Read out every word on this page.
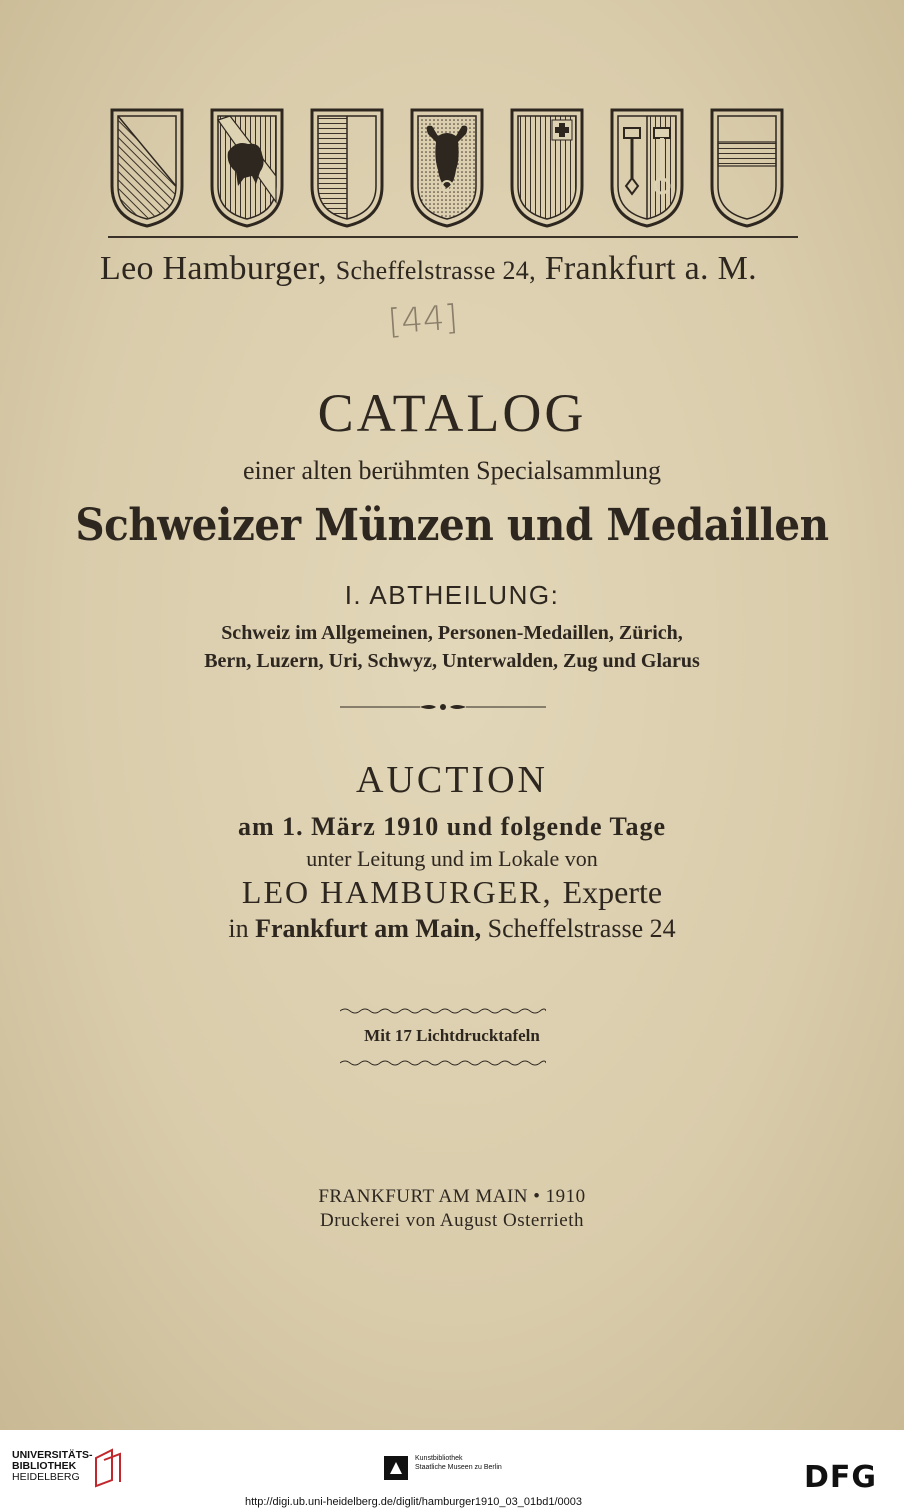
Leo Hamburger, Scheffelstrasse 24, Frankfurt a. M.
[44]
CATALOG
einer alten berühmten Specialsammlung
Schweizer Münzen und Medaillen
I. ABTHEILUNG:
Schweiz im Allgemeinen, Personen-Medaillen, Zürich,
Bern, Luzern, Uri, Schwyz, Unterwalden, Zug und Glarus
AUCTION
am 1. März 1910 und folgende Tage
unter Leitung und im Lokale von
LEO HAMBURGER, Experte
in Frankfurt am Main, Scheffelstrasse 24
Mit 17 Lichtdrucktafeln
FRANKFURT AM MAIN • 1910
Druckerei von August Osterrieth
UNIVERSITÄTS-
BIBLIOTHEK
HEIDELBERG
Kunstbibliothek
Staatliche Museen zu Berlin	DFG
http://digi.ub.uni-heidelberg.de/diglit/hamburger1910_03_01bd1/0003
